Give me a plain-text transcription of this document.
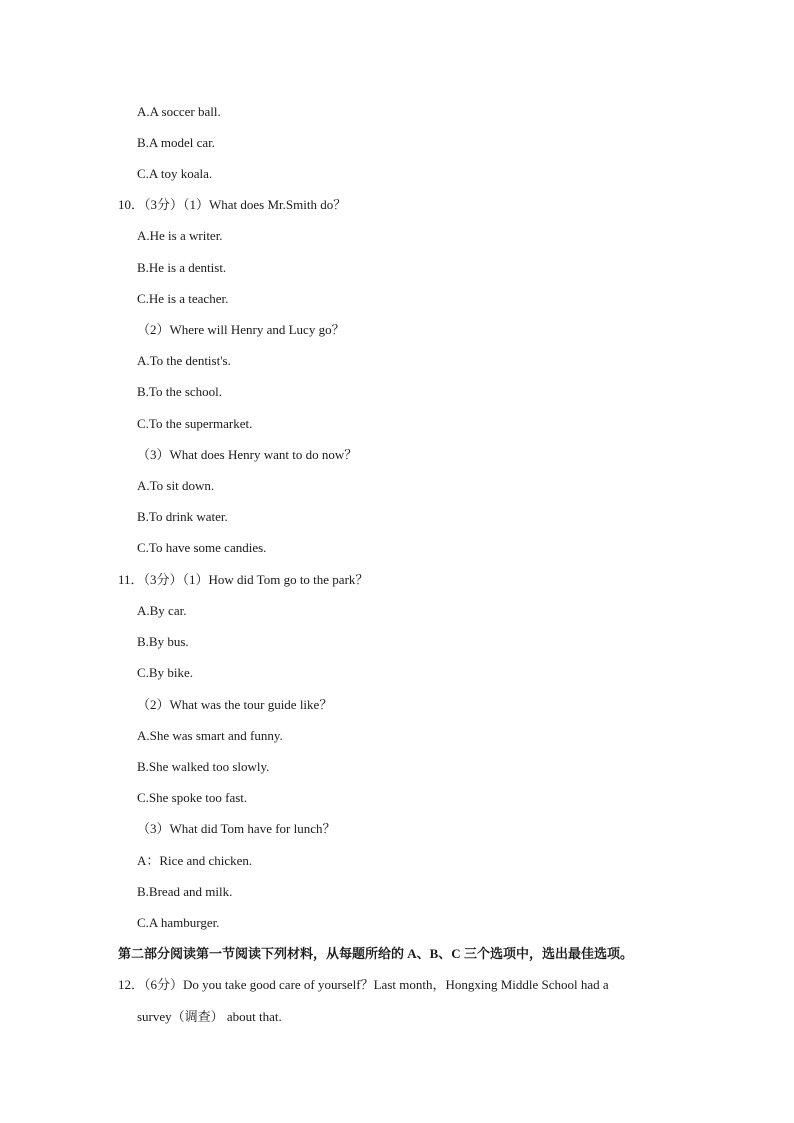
A.A soccer ball.
B.A model car.
C.A toy koala.
10．（3分）（1）What does Mr.Smith do？
A.He is a writer.
B.He is a dentist.
C.He is a teacher.
（2）Where will Henry and Lucy go？
A.To the dentist's.
B.To the school.
C.To the supermarket.
（3）What does Henry want to do now？
A.To sit down.
B.To drink water.
C.To have some candies.
11．（3分）（1）How did Tom go to the park？
A.By car.
B.By bus.
C.By bike.
（2）What was the tour guide like？
A.She was smart and funny.
B.She walked too slowly.
C.She spoke too fast.
（3）What did Tom have for lunch？
A：Rice and chicken.
B.Bread and milk.
C.A hamburger.
第二部分阅读第一节阅读下列材料，从每题所给的 A、B、C 三个选项中，选出最佳选项。
12．（6分）Do you take good care of yourself？Last month，Hongxing Middle School had a
survey（调查） about that.
